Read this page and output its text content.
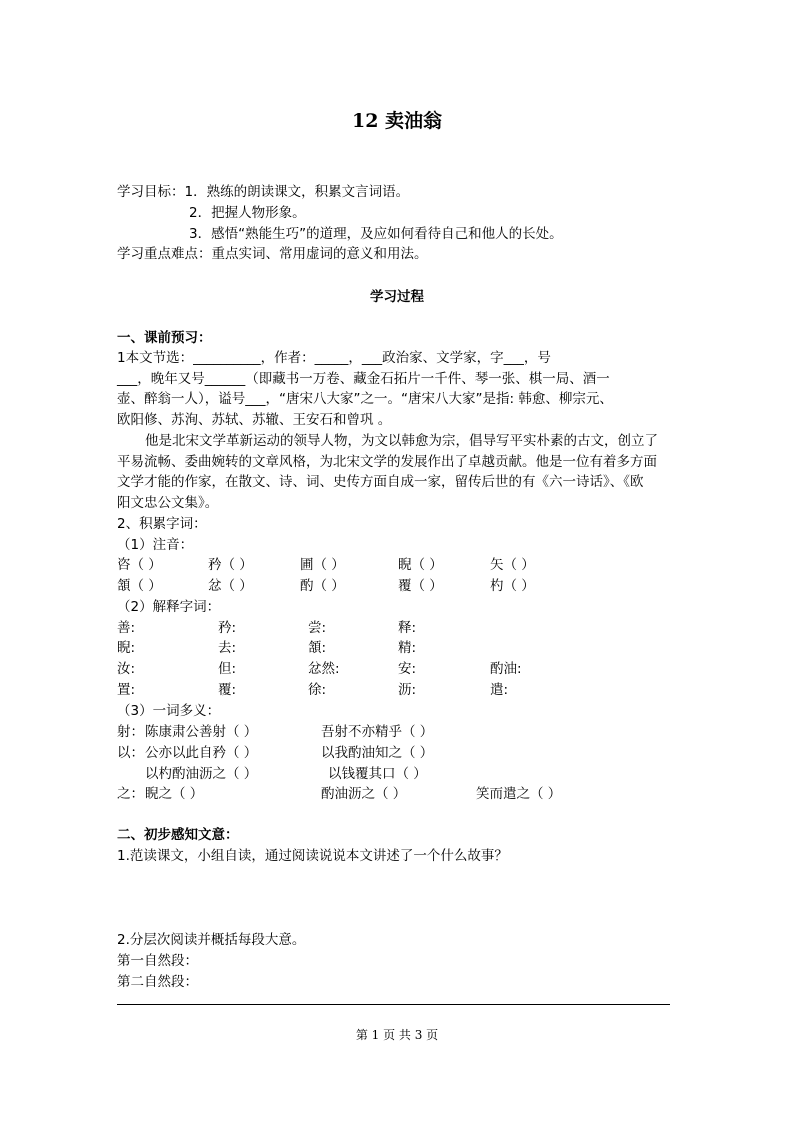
12 卖油翁
学习目标：1．熟练的朗读课文，积累文言词语。
2．把握人物形象。
3．感悟“熟能生巧”的道理，及应如何看待自己和他人的长处。
学习重点难点：重点实词、常用虚词的意义和用法。
学习过程
一、课前预习：
1本文节选：__________，作者：_____，___政治家、文学家，字___，号
___，晚年又号______（即藏书一万卷、藏金石拓片一千件、琴一张、棋一局、酒一
壶、醉翁一人），谥号___，“唐宋八大家”之一。“唐宋八大家”是指: 韩愈、柳宗元、
欧阳修、苏洵、苏轼、苏辙、王安石和曾巩 。
他是北宋文学革新运动的领导人物，为文以韩愈为宗，倡导写平实朴素的古文，创立了
平易流畅、委曲婉转的文章风格，为北宋文学的发展作出了卓越贡献。他是一位有着多方面
文学才能的作家，在散文、诗、词、史传方面自成一家，留传后世的有《六一诗话》、《欧
阳文忠公文集》。
2、积累字词：
（1）注音：
咨（ ）	矜（ ）	圃（ ）	睨（ ）	矢（ ）
頷（ ）	忿（ ）	酌（ ）	覆（ ）	杓（ ）
（2）解释字词：
善:	矜:	尝:	释:
睨:	去:	頷:	精:
汝:	但:	忿然:	安:	酌油:
置:	覆:	徐:	沥:	遣:
（3）一词多义：
射： 陈康肃公善射（ ）	吾射不亦精乎（ ）
以： 公亦以此自矜（ ）	以我酌油知之（ ）
以杓酌油沥之（ ）	以钱覆其口（ ）
之： 睨之（ ）	酌油沥之（ ）	笑而遣之（ ）
二、初步感知文意：
1.范读课文，小组自读，通过阅读说说本文讲述了一个什么故事？
2.分层次阅读并概括每段大意。
第一自然段：
第二自然段：
第 1 页 共 3 页
